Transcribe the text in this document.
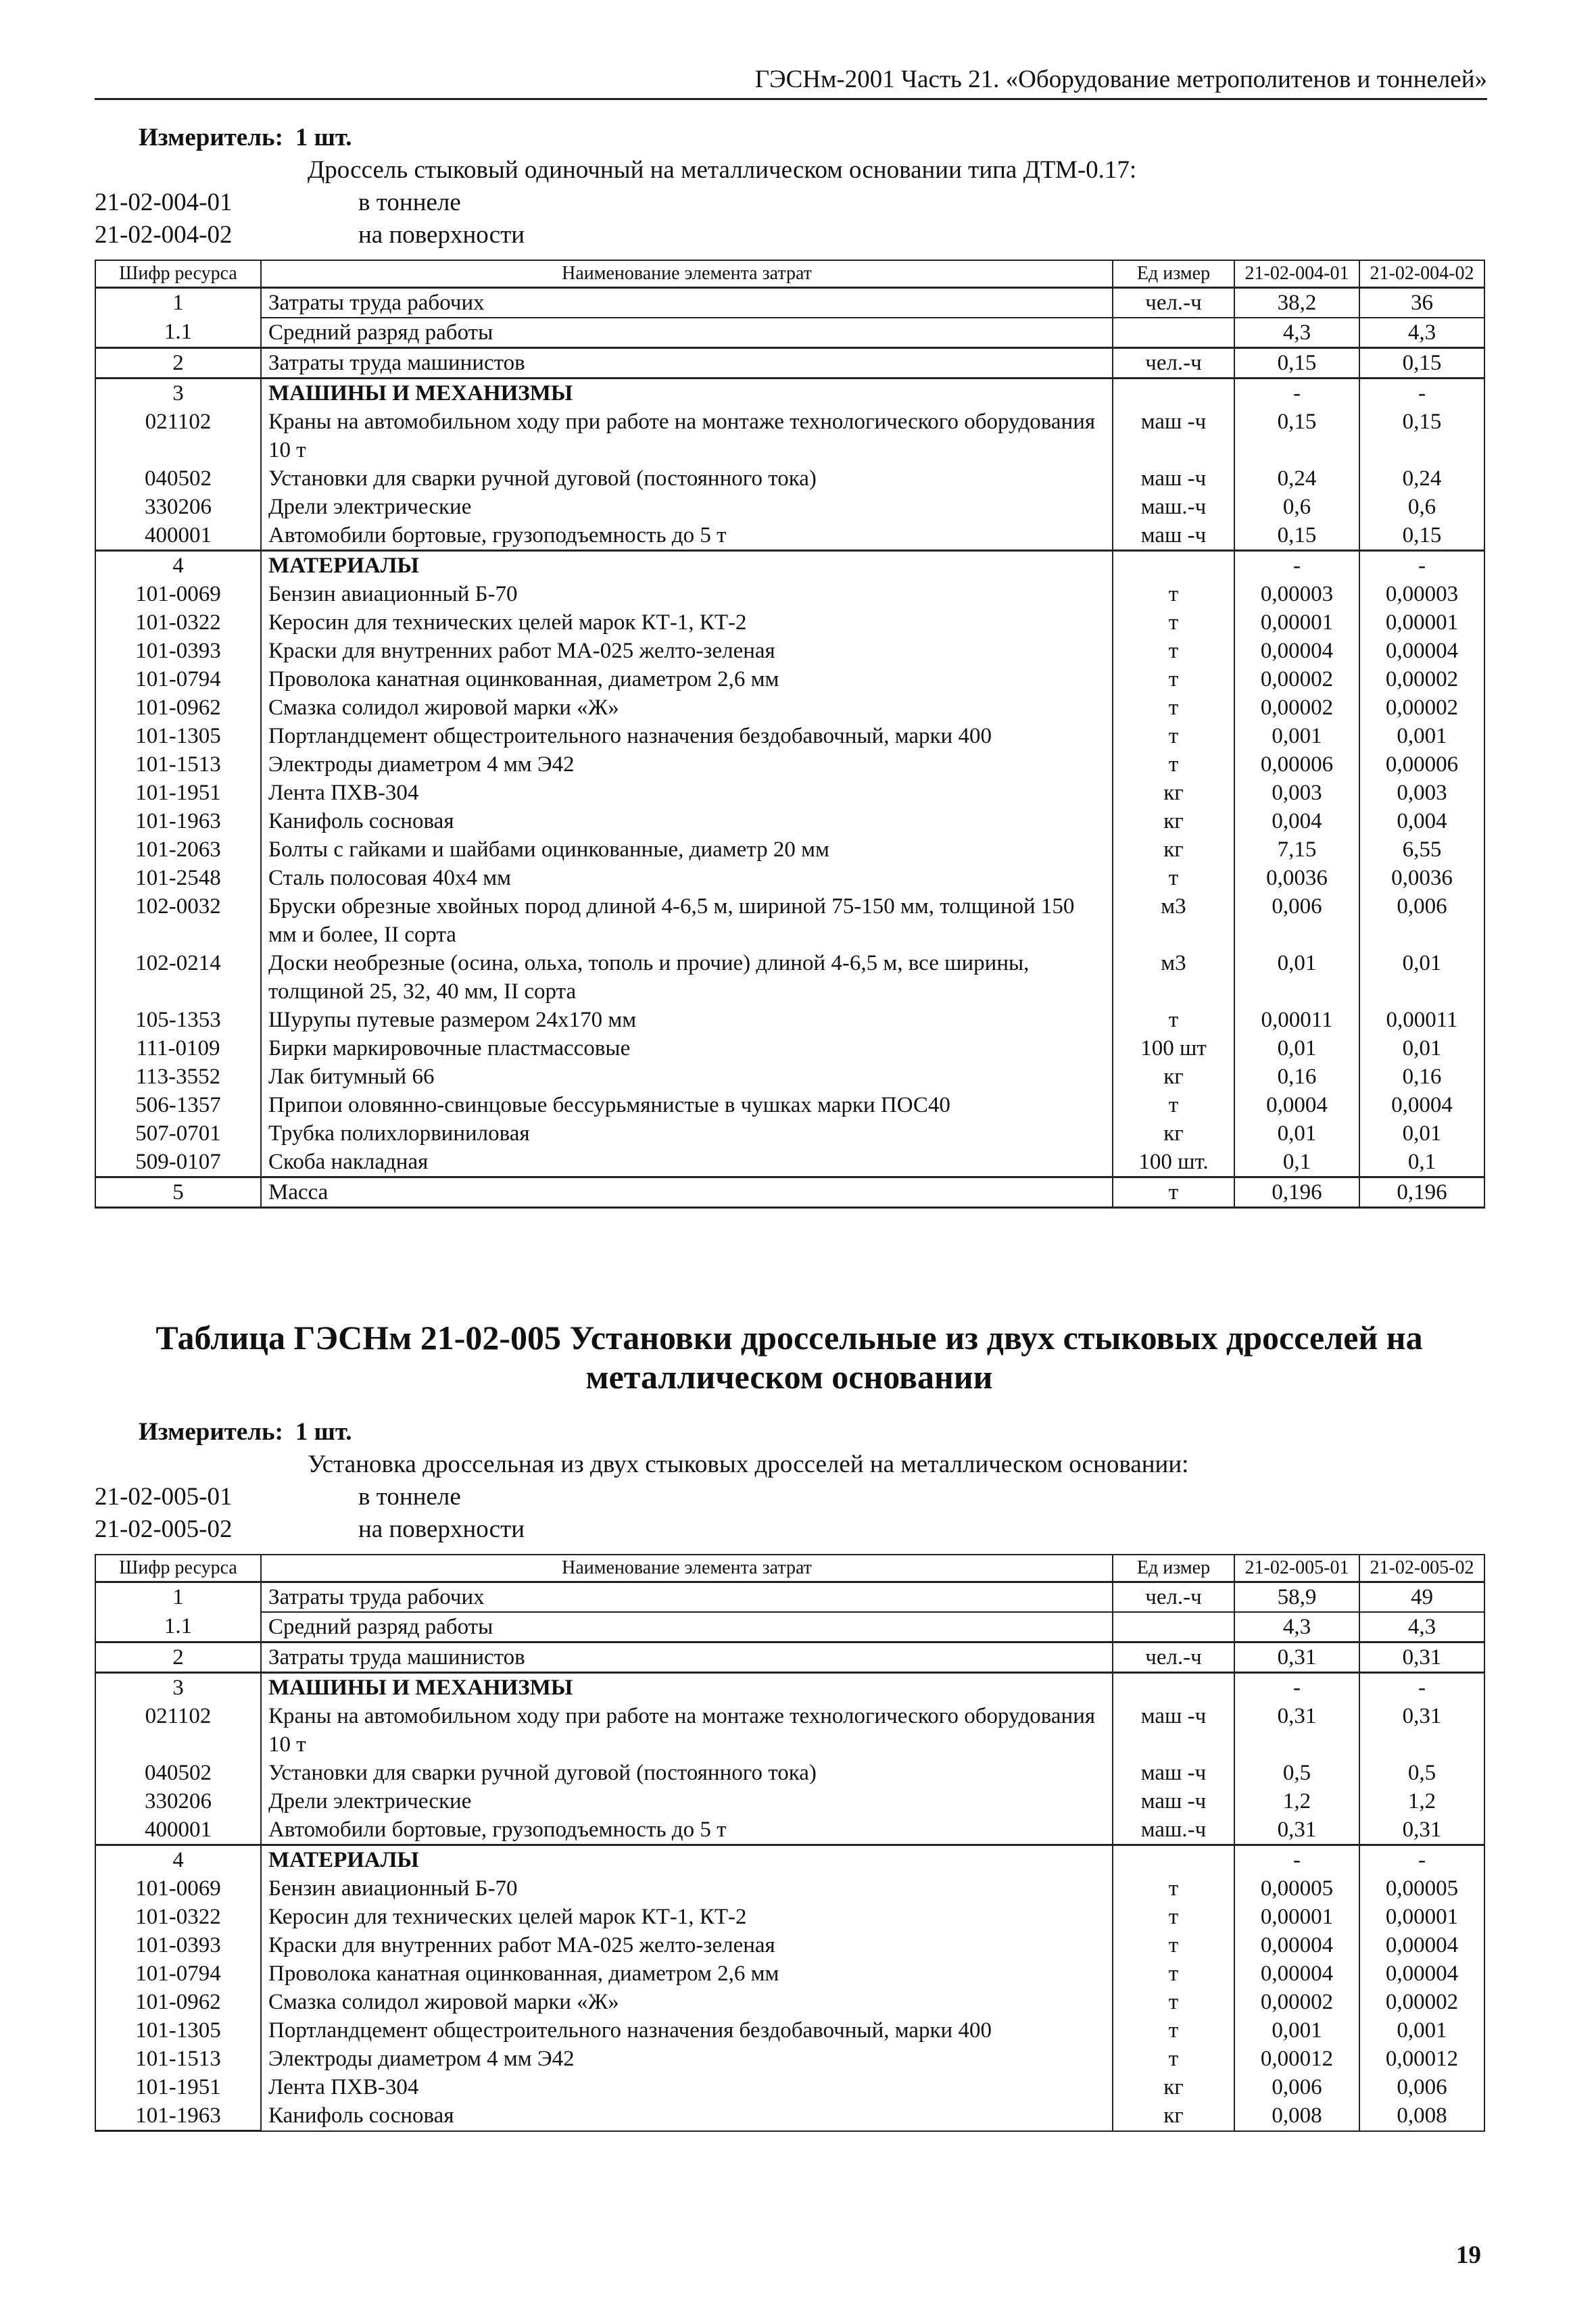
ГЭСНм-2001 Часть 21. «Оборудование метрополитенов и тоннелей»
Измеритель: 1 шт.
Дроссель стыковый одиночный на металлическом основании типа ДТМ-0.17:
21-02-004-01	в тоннеле
21-02-004-02	на поверхности
Шифр ресурса	Наименование элемента затрат	Ед измер	21-02-004-01	21-02-004-02
1	Затраты труда рабочих	чел.-ч	38,2	36
1.1	Средний разряд работы		4,3	4,3
2	Затраты труда машинистов	чел.-ч	0,15	0,15
3	МАШИНЫ И МЕХАНИЗМЫ		-	-
021102	Краны на автомобильном ходу при работе на монтаже технологического оборудования 10 т	маш -ч	0,15	0,15
040502	Установки для сварки ручной дуговой (постоянного тока)	маш -ч	0,24	0,24
330206	Дрели электрические	маш.-ч	0,6	0,6
400001	Автомобили бортовые, грузоподъемность до 5 т	маш -ч	0,15	0,15
4	МАТЕРИАЛЫ		-	-
101-0069	Бензин авиационный Б-70	т	0,00003	0,00003
101-0322	Керосин для технических целей марок КТ-1, КТ-2	т	0,00001	0,00001
101-0393	Краски для внутренних работ МА-025 желто-зеленая	т	0,00004	0,00004
101-0794	Проволока канатная оцинкованная, диаметром 2,6 мм	т	0,00002	0,00002
101-0962	Смазка солидол жировой марки «Ж»	т	0,00002	0,00002
101-1305	Портландцемент общестроительного назначения бездобавочный, марки 400	т	0,001	0,001
101-1513	Электроды диаметром 4 мм Э42	т	0,00006	0,00006
101-1951	Лента ПХВ-304	кг	0,003	0,003
101-1963	Канифоль сосновая	кг	0,004	0,004
101-2063	Болты с гайками и шайбами оцинкованные, диаметр 20 мм	кг	7,15	6,55
101-2548	Сталь полосовая 40х4 мм	т	0,0036	0,0036
102-0032	Бруски обрезные хвойных пород длиной 4-6,5 м, шириной 75-150 мм, толщиной 150 мм и более, II сорта	м3	0,006	0,006
102-0214	Доски необрезные (осина, ольха, тополь и прочие) длиной 4-6,5 м, все ширины, толщиной 25, 32, 40 мм, II сорта	м3	0,01	0,01
105-1353	Шурупы путевые размером 24х170 мм	т	0,00011	0,00011
111-0109	Бирки маркировочные пластмассовые	100 шт	0,01	0,01
113-3552	Лак битумный 66	кг	0,16	0,16
506-1357	Припои оловянно-свинцовые бессурьмянистые в чушках марки ПОС40	т	0,0004	0,0004
507-0701	Трубка полихлорвиниловая	кг	0,01	0,01
509-0107	Скоба накладная	100 шт.	0,1	0,1
5	Масса	т	0,196	0,196
Таблица ГЭСНм 21-02-005 Установки дроссельные из двух стыковых дросселей на металлическом основании
Измеритель: 1 шт.
Установка дроссельная из двух стыковых дросселей на металлическом основании:
21-02-005-01	в тоннеле
21-02-005-02	на поверхности
Шифр ресурса	Наименование элемента затрат	Ед измер	21-02-005-01	21-02-005-02
1	Затраты труда рабочих	чел.-ч	58,9	49
1.1	Средний разряд работы		4,3	4,3
2	Затраты труда машинистов	чел.-ч	0,31	0,31
3	МАШИНЫ И МЕХАНИЗМЫ		-	-
021102	Краны на автомобильном ходу при работе на монтаже технологического оборудования 10 т	маш -ч	0,31	0,31
040502	Установки для сварки ручной дуговой (постоянного тока)	маш -ч	0,5	0,5
330206	Дрели электрические	маш -ч	1,2	1,2
400001	Автомобили бортовые, грузоподъемность до 5 т	маш.-ч	0,31	0,31
4	МАТЕРИАЛЫ		-	-
101-0069	Бензин авиационный Б-70	т	0,00005	0,00005
101-0322	Керосин для технических целей марок КТ-1, КТ-2	т	0,00001	0,00001
101-0393	Краски для внутренних работ МА-025 желто-зеленая	т	0,00004	0,00004
101-0794	Проволока канатная оцинкованная, диаметром 2,6 мм	т	0,00004	0,00004
101-0962	Смазка солидол жировой марки «Ж»	т	0,00002	0,00002
101-1305	Портландцемент общестроительного назначения бездобавочный, марки 400	т	0,001	0,001
101-1513	Электроды диаметром 4 мм Э42	т	0,00012	0,00012
101-1951	Лента ПХВ-304	кг	0,006	0,006
101-1963	Канифоль сосновая	кг	0,008	0,008
19
